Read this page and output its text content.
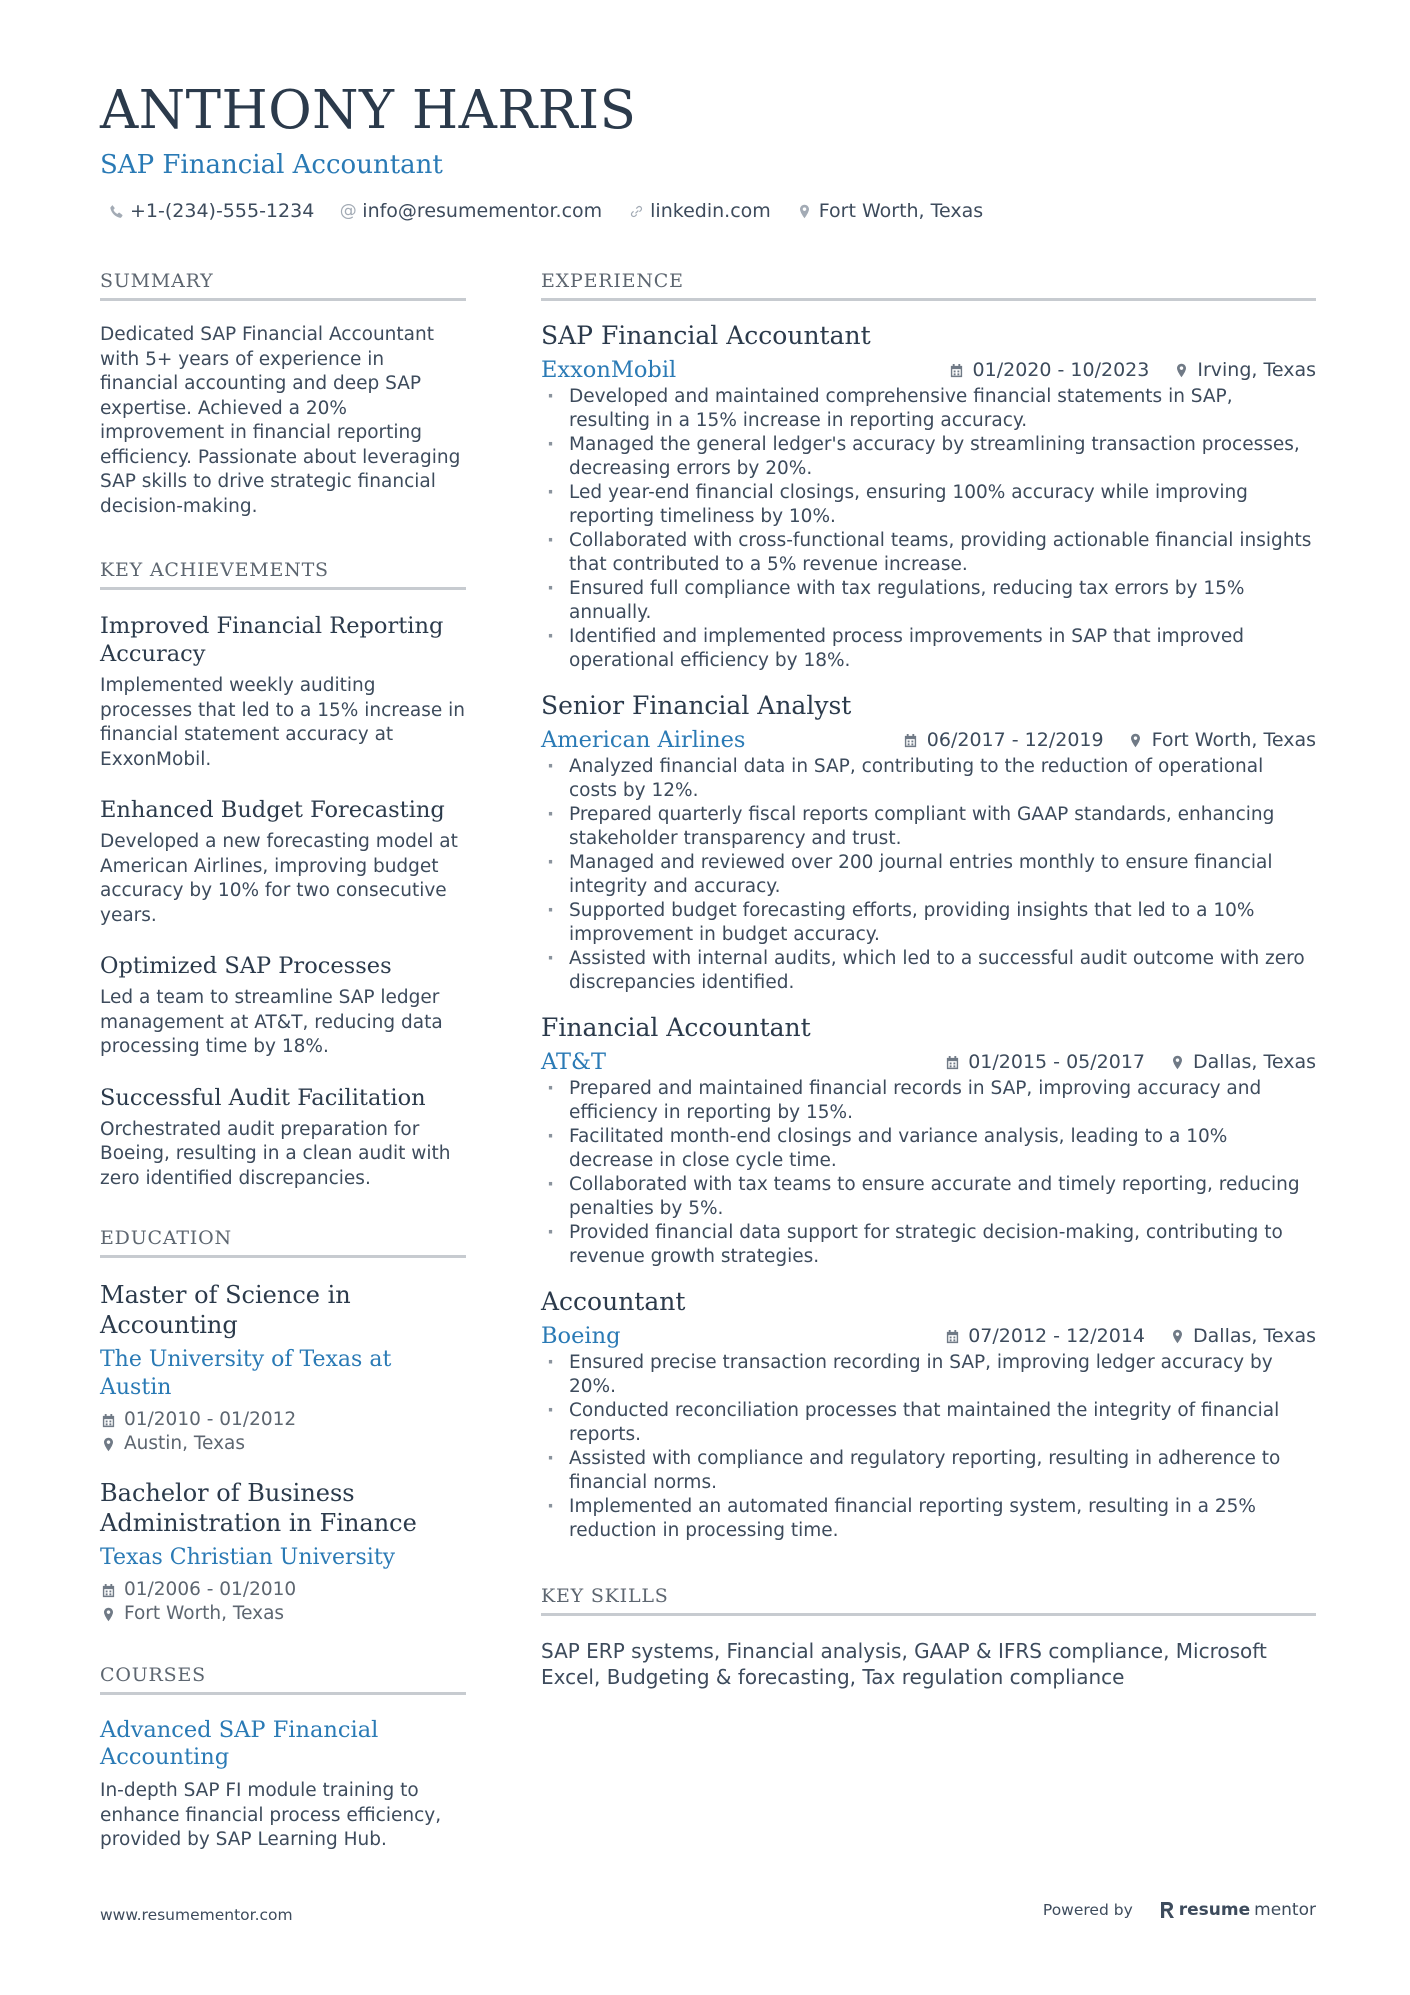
ANTHONY HARRIS
SAP Financial Accountant
+1-(234)-555-1234 @ info@resumementor.com	linkedin.com	Fort Worth, Texas
SUMMARY

Dedicated SAP Financial Accountant with 5+ years of experience in financial accounting and deep SAP expertise. Achieved a 20% improvement in financial reporting efficiency. Passionate about leveraging SAP skills to drive strategic financial decision-making.

KEY ACHIEVEMENTS
Improved Financial Reporting Accuracy

Implemented weekly auditing processes that led to a 15% increase in financial statement accuracy at ExxonMobil.

Enhanced Budget Forecasting

Developed a new forecasting model at American Airlines, improving budget accuracy by 10% for two consecutive years.

Optimized SAP Processes

Led a team to streamline SAP ledger management at AT&T, reducing data processing time by 18%.

Successful Audit Facilitation

Orchestrated audit preparation for Boeing, resulting in a clean audit with zero identified discrepancies.

EDUCATION
Master of Science in Accounting
The University of Texas at Austin
01/2010 - 01/2012
Austin, Texas
Bachelor of Business Administration in Finance
Texas Christian University
01/2006 - 01/2010
Fort Worth, Texas
COURSES
Advanced SAP Financial Accounting

In-depth SAP FI module training to enhance financial process efficiency, provided by SAP Learning Hub.

EXPERIENCE
SAP Financial Accountant
ExxonMobil	01/2020 - 10/2023	Irving, Texas
· Developed and maintained comprehensive financial statements in SAP, resulting in a 15% increase in reporting accuracy.
· Managed the general ledger's accuracy by streamlining transaction processes, decreasing errors by 20%.
· Led year-end financial closings, ensuring 100% accuracy while improving reporting timeliness by 10%.
· Collaborated with cross-functional teams, providing actionable financial insights that contributed to a 5% revenue increase.
· Ensured full compliance with tax regulations, reducing tax errors by 15% annually.
· Identified and implemented process improvements in SAP that improved operational efficiency by 18%.
Senior Financial Analyst
American Airlines	06/2017 - 12/2019	Fort Worth, Texas
· Analyzed financial data in SAP, contributing to the reduction of operational costs by 12%.
· Prepared quarterly fiscal reports compliant with GAAP standards, enhancing stakeholder transparency and trust.
· Managed and reviewed over 200 journal entries monthly to ensure financial integrity and accuracy.
· Supported budget forecasting efforts, providing insights that led to a 10% improvement in budget accuracy.
· Assisted with internal audits, which led to a successful audit outcome with zero discrepancies identified.
Financial Accountant
AT&T	01/2015 - 05/2017	Dallas, Texas
· Prepared and maintained financial records in SAP, improving accuracy and efficiency in reporting by 15%.
· Facilitated month-end closings and variance analysis, leading to a 10% decrease in close cycle time.
· Collaborated with tax teams to ensure accurate and timely reporting, reducing penalties by 5%.
· Provided financial data support for strategic decision-making, contributing to revenue growth strategies.
Accountant
Boeing	07/2012 - 12/2014	Dallas, Texas
· Ensured precise transaction recording in SAP, improving ledger accuracy by 20%.
· Conducted reconciliation processes that maintained the integrity of financial reports.
· Assisted with compliance and regulatory reporting, resulting in adherence to financial norms.
· Implemented an automated financial reporting system, resulting in a 25% reduction in processing time.
KEY SKILLS
SAP ERP systems, Financial analysis, GAAP & IFRS compliance, Microsoft Excel, Budgeting & forecasting, Tax regulation compliance
www.resumementor.com	Powered by	resume mentor
